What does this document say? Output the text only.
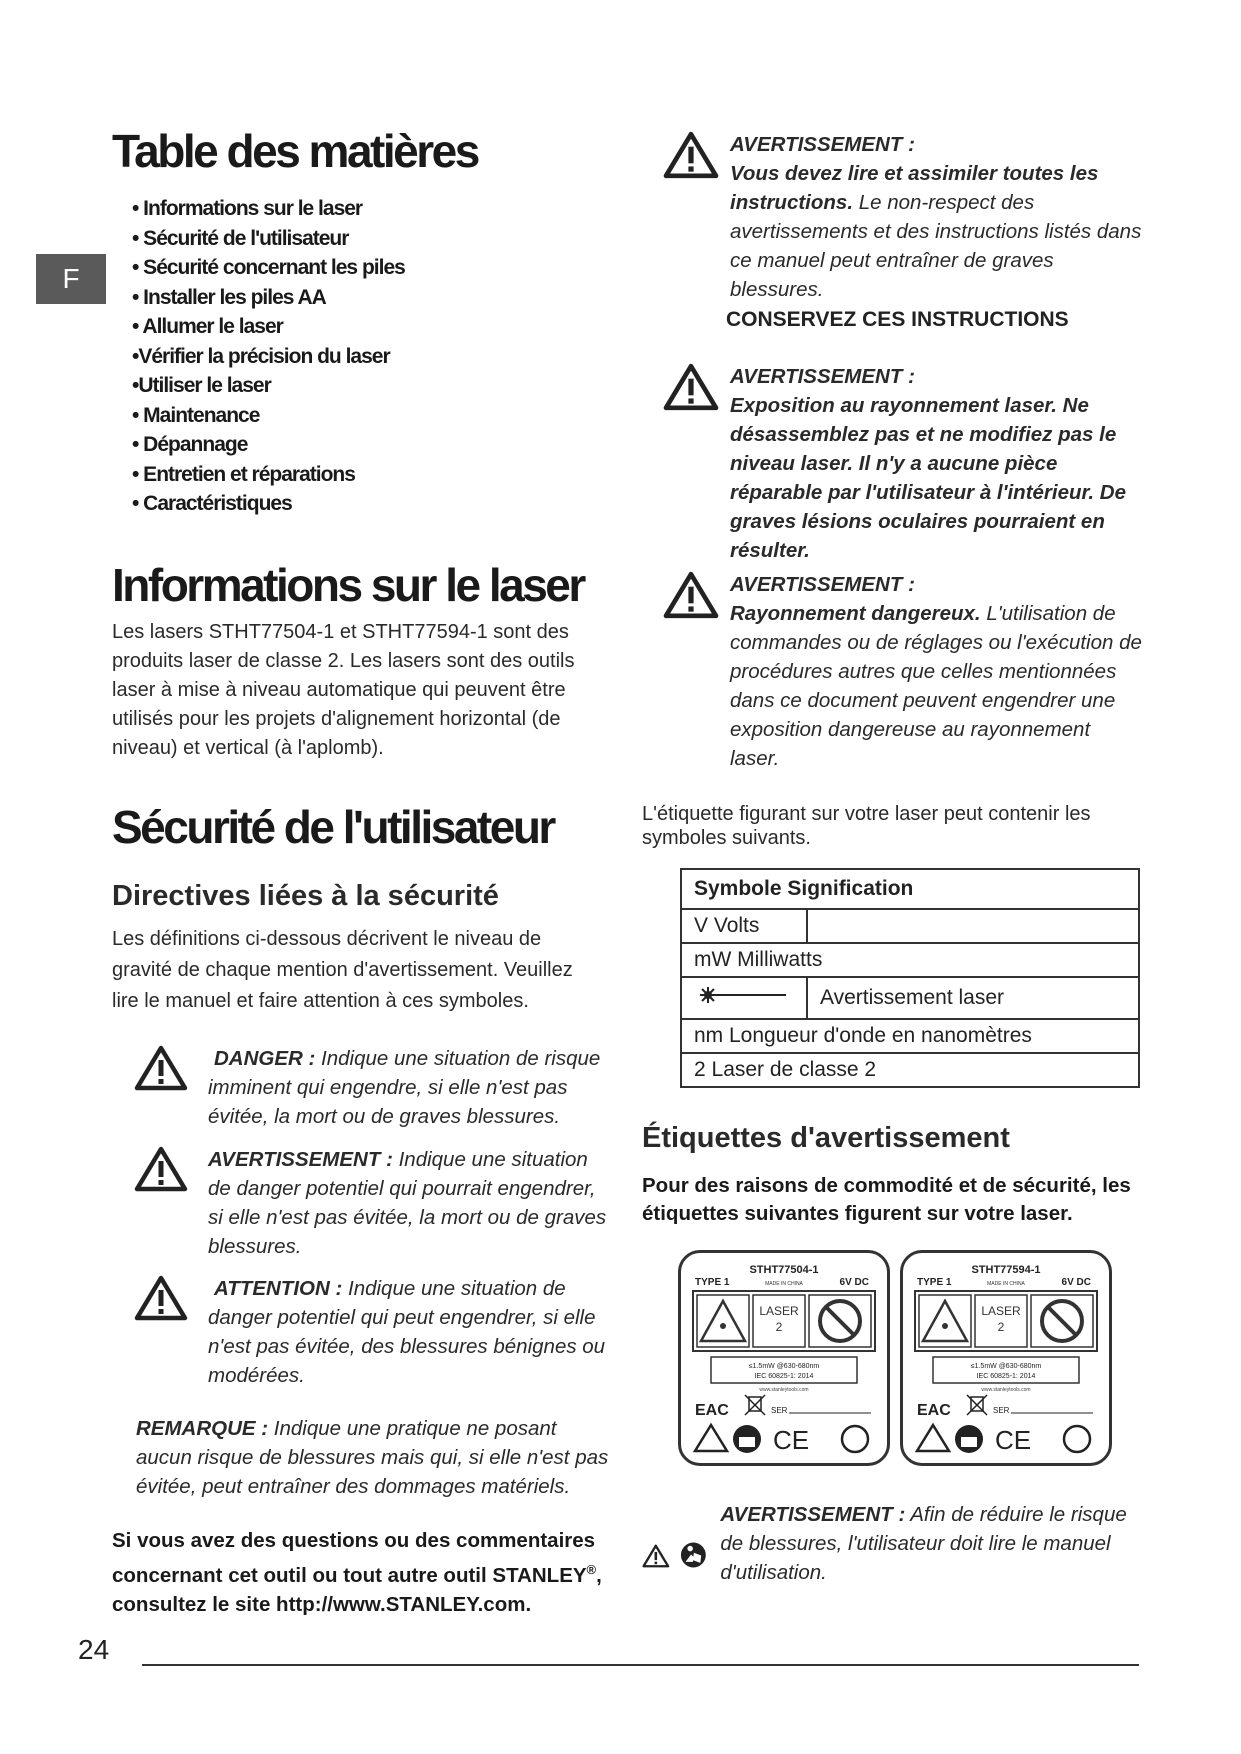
F
Table des matières
• Informations sur le laser
• Sécurité de l'utilisateur
• Sécurité concernant les piles
• Installer les piles AA
• Allumer le laser
•Vérifier la précision du laser
•Utiliser le laser
• Maintenance
• Dépannage
• Entretien et réparations
• Caractéristiques
Informations sur le laser

Les lasers STHT77504-1 et STHT77594-1 sont des produits laser de classe 2. Les lasers sont des outils laser à mise à niveau automatique qui peuvent être utilisés pour les projets d'alignement horizontal (de niveau) et vertical (à l'aplomb).

Sécurité de l'utilisateur
Directives liées à la sécurité

Les définitions ci-dessous décrivent le niveau de gravité de chaque mention d'avertissement. Veuillez lire le manuel et faire attention à ces symboles.

DANGER : Indique une situation de risque imminent qui engendre, si elle n'est pas évitée, la mort ou de graves blessures.
AVERTISSEMENT : Indique une situation de danger potentiel qui pourrait engendrer, si elle n'est pas évitée, la mort ou de graves blessures.
ATTENTION : Indique une situation de danger potentiel qui peut engendrer, si elle n'est pas évitée, des blessures bénignes ou modérées.
REMARQUE : Indique une pratique ne posant aucun risque de blessures mais qui, si elle n'est pas évitée, peut entraîner des dommages matériels.
Si vous avez des questions ou des commentaires concernant cet outil ou tout autre outil STANLEY®, consultez le site http://www.STANLEY.com.
AVERTISSEMENT :
Vous devez lire et assimiler toutes les instructions. Le non-respect des avertissements et des instructions listés dans ce manuel peut entraîner de graves blessures.
CONSERVEZ CES INSTRUCTIONS
AVERTISSEMENT :
Exposition au rayonnement laser. Ne désassemblez pas et ne modifiez pas le niveau laser. Il n'y a aucune pièce réparable par l'utilisateur à l'intérieur. De graves lésions oculaires pourraient en résulter.
AVERTISSEMENT :
Rayonnement dangereux. L'utilisation de commandes ou de réglages ou l'exécution de procédures autres que celles mentionnées dans ce document peuvent engendrer une exposition dangereuse au rayonnement laser.

L'étiquette figurant sur votre laser peut contenir les symboles suivants.

Symbole Signification	
V Volts	
mW Milliwatts	
	Avertissement laser
nm Longueur d'onde en nanomètres	
2 Laser de classe 2	
Étiquettes d'avertissement

Pour des raisons de commodité et de sécurité, les étiquettes suivantes figurent sur votre laser.

STHT77504-1
TYPE 1	MADE IN CHINA	6V DC
LASER
2
≤1.5mW @630-680nm
IEC 60825-1: 2014
www.stanleytools.com
EAC	SER
CE
STHT77594-1
TYPE 1	MADE IN CHINA	6V DC
LASER
2
≤1.5mW @630-680nm
IEC 60825-1: 2014
www.stanleytools.com
EAC	SER
CE
AVERTISSEMENT : Afin de réduire le risque de blessures, l'utilisateur doit lire le manuel d'utilisation.
24
